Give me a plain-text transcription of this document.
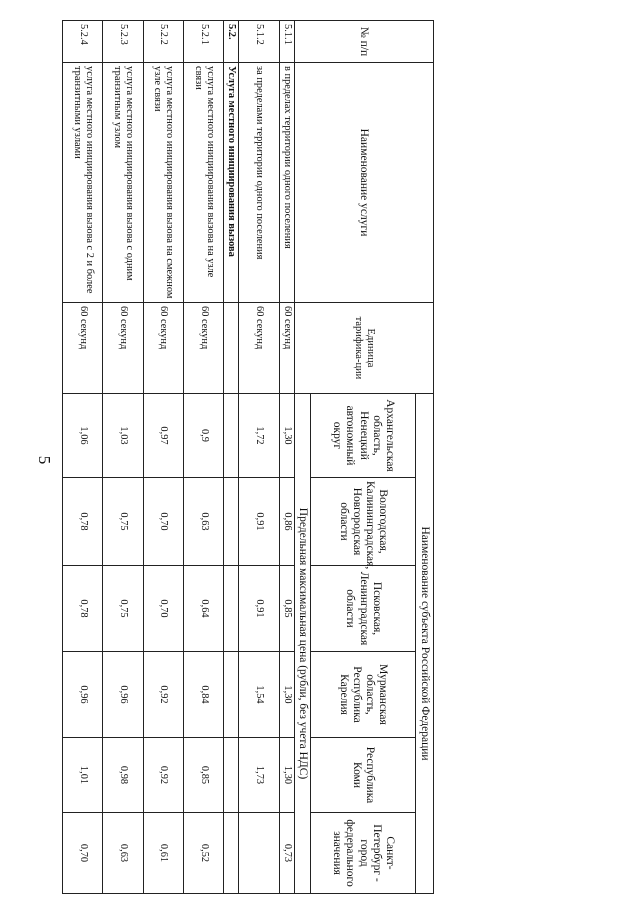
5
№ п/п	Наименование услуги	Единица тарифика-ции	Наименование субъекта Российской Федерации					
			Архангельская область, Ненецкий автономный округ	Вологодская, Калининградская, Новгородская области	Псковская, Ленинградская области	Мурманская область, Республика Карелия	Республика Коми	Санкт-Петербург - город федерального значения
			Предельная максимальная цена (рубли, без учета НДС)					
5.1.1	в пределах территории одного поселения	60 секунд	1,30	0,86	0,85	1,30	1,30	0,73
5.1.2	за пределами территории одного поселения	60 секунд	1,72	0,91	0,91	1,54	1,73	
5.2.	Услуга местного инициирования вызова							
5.2.1	услуга местного инициирования вызова на узле связи	60 секунд	0,9	0,63	0,64	0,84	0,85	0,52
5.2.2	услуга местного инициирования вызова на смежном узле связи	60 секунд	0,97	0,70	0,70	0,92	0,92	0,61
5.2.3	услуга местного инициирования вызова с одним транзитным узлом	60 секунд	1,03	0,75	0,75	0,96	0,98	0,63
5.2.4	услуга местного инициирования вызова с 2 и более транзитными узлами	60 секунд	1,06	0,78	0,78	0,96	1,01	0,70
